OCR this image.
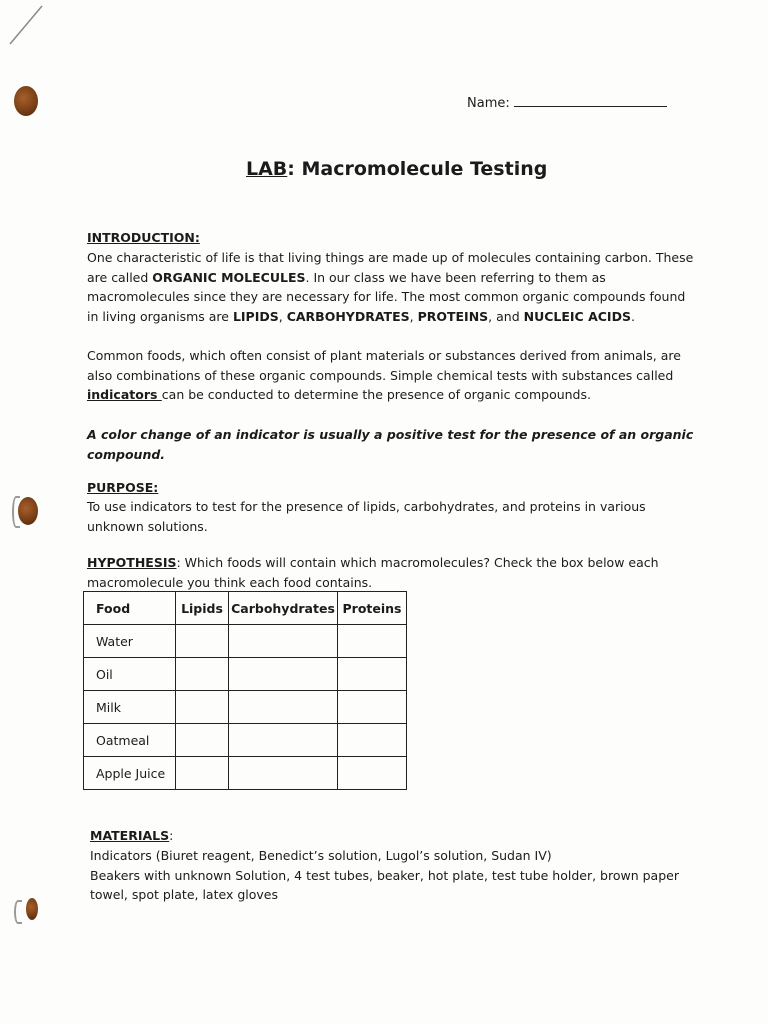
Name:
LAB: Macromolecule Testing
INTRODUCTION:
One characteristic of life is that living things are made up of molecules containing carbon. These are called ORGANIC MOLECULES. In our class we have been referring to them as macromolecules since they are necessary for life. The most common organic compounds found in living organisms are LIPIDS, CARBOHYDRATES, PROTEINS, and NUCLEIC ACIDS.
Common foods, which often consist of plant materials or substances derived from animals, are also combinations of these organic compounds. Simple chemical tests with substances called indicators can be conducted to determine the presence of organic compounds.
A color change of an indicator is usually a positive test for the presence of an organic compound.
PURPOSE:
To use indicators to test for the presence of lipids, carbohydrates, and proteins in various unknown solutions.
HYPOTHESIS: Which foods will contain which macromolecules? Check the box below each macromolecule you think each food contains.
Food	Lipids	Carbohydrates	Proteins
Water			
Oil			
Milk			
Oatmeal			
Apple Juice			
MATERIALS:
Indicators (Biuret reagent, Benedict’s solution, Lugol’s solution, Sudan IV)
Beakers with unknown Solution, 4 test tubes, beaker, hot plate, test tube holder, brown paper towel, spot plate, latex gloves
